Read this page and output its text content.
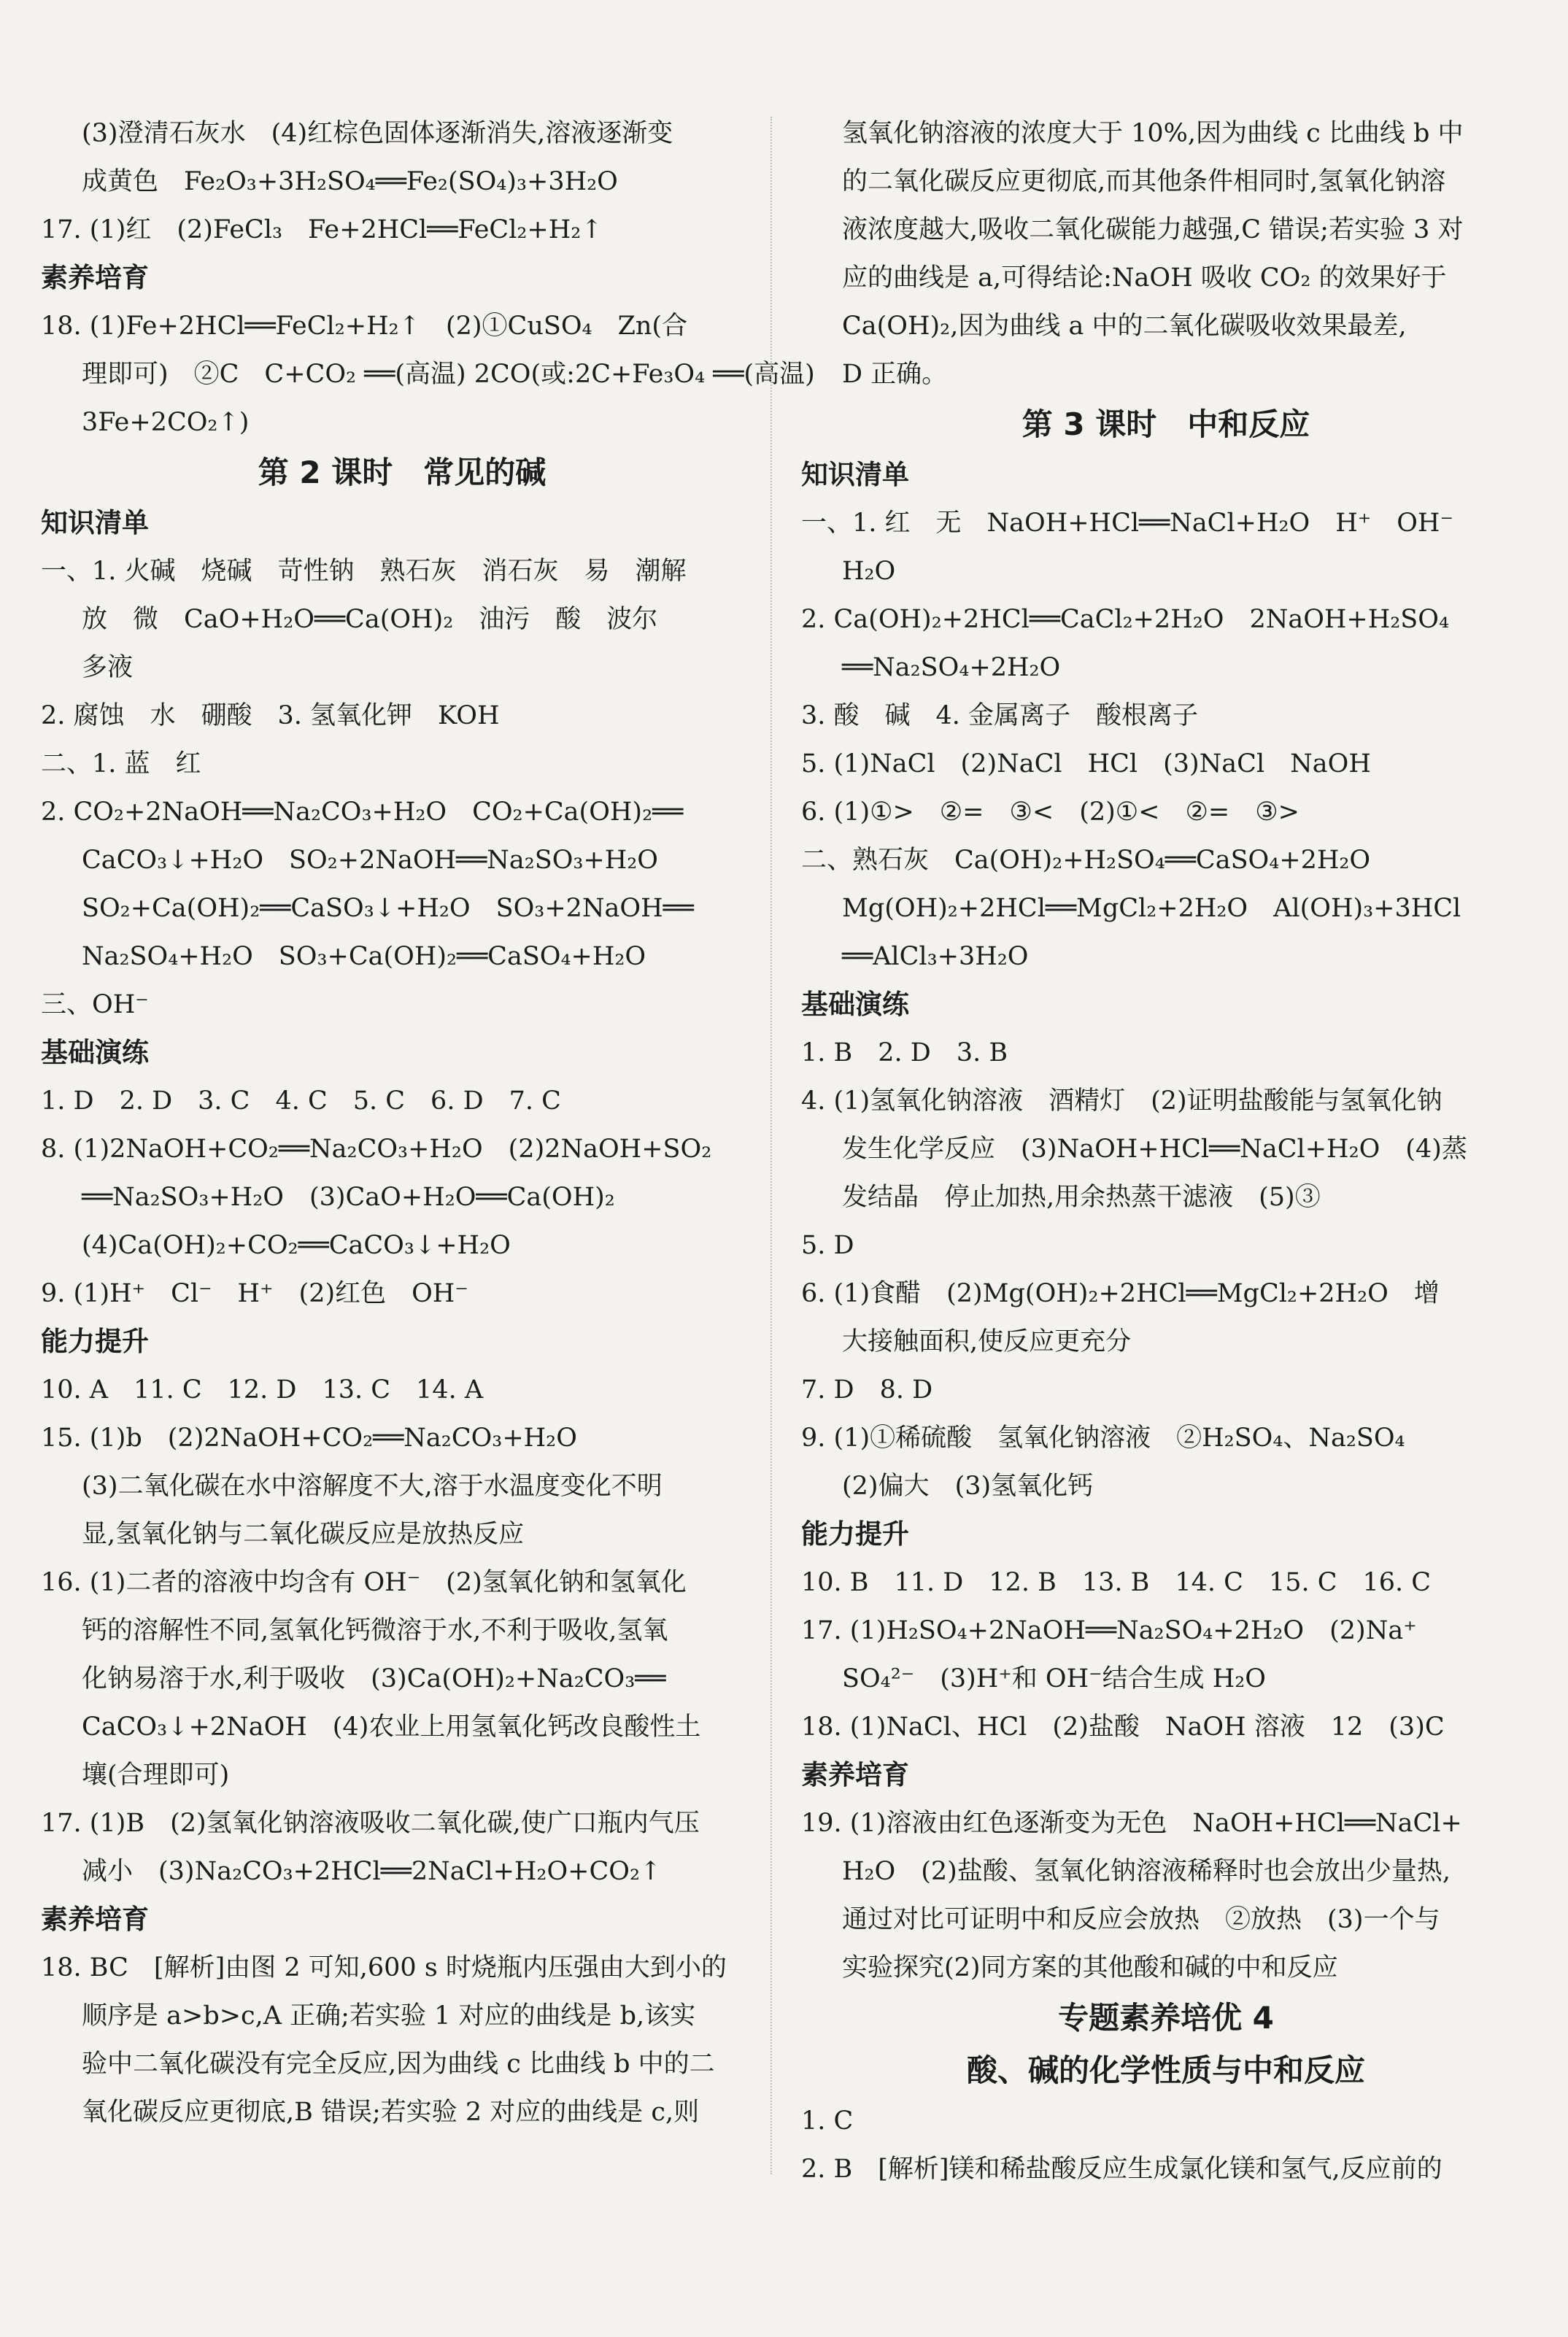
(3)澄清石灰水　(4)红棕色固体逐渐消失,溶液逐渐变
成黄色　Fe₂O₃+3H₂SO₄══Fe₂(SO₄)₃+3H₂O
17. (1)红　(2)FeCl₃　Fe+2HCl══FeCl₂+H₂↑
素养培育
18. (1)Fe+2HCl══FeCl₂+H₂↑　(2)①CuSO₄　Zn(合
理即可)　②C　C+CO₂ ══(高温) 2CO(或:2C+Fe₃O₄ ══(高温)
3Fe+2CO₂↑)
第 2 课时　常见的碱
知识清单
一、1. 火碱　烧碱　苛性钠　熟石灰　消石灰　易　潮解
放　微　CaO+H₂O══Ca(OH)₂　油污　酸　波尔
多液
2. 腐蚀　水　硼酸　3. 氢氧化钾　KOH
二、1. 蓝　红
2. CO₂+2NaOH══Na₂CO₃+H₂O　CO₂+Ca(OH)₂══
CaCO₃↓+H₂O　SO₂+2NaOH══Na₂SO₃+H₂O
SO₂+Ca(OH)₂══CaSO₃↓+H₂O　SO₃+2NaOH══
Na₂SO₄+H₂O　SO₃+Ca(OH)₂══CaSO₄+H₂O
三、OH⁻
基础演练
1. D　2. D　3. C　4. C　5. C　6. D　7. C
8. (1)2NaOH+CO₂══Na₂CO₃+H₂O　(2)2NaOH+SO₂
══Na₂SO₃+H₂O　(3)CaO+H₂O══Ca(OH)₂
(4)Ca(OH)₂+CO₂══CaCO₃↓+H₂O
9. (1)H⁺　Cl⁻　H⁺　(2)红色　OH⁻
能力提升
10. A　11. C　12. D　13. C　14. A
15. (1)b　(2)2NaOH+CO₂══Na₂CO₃+H₂O
(3)二氧化碳在水中溶解度不大,溶于水温度变化不明
显,氢氧化钠与二氧化碳反应是放热反应
16. (1)二者的溶液中均含有 OH⁻　(2)氢氧化钠和氢氧化
钙的溶解性不同,氢氧化钙微溶于水,不利于吸收,氢氧
化钠易溶于水,利于吸收　(3)Ca(OH)₂+Na₂CO₃══
CaCO₃↓+2NaOH　(4)农业上用氢氧化钙改良酸性土
壤(合理即可)
17. (1)B　(2)氢氧化钠溶液吸收二氧化碳,使广口瓶内气压
减小　(3)Na₂CO₃+2HCl══2NaCl+H₂O+CO₂↑
素养培育
18. BC　[解析]由图 2 可知,600 s 时烧瓶内压强由大到小的
顺序是 a>b>c,A 正确;若实验 1 对应的曲线是 b,该实
验中二氧化碳没有完全反应,因为曲线 c 比曲线 b 中的二
氧化碳反应更彻底,B 错误;若实验 2 对应的曲线是 c,则
氢氧化钠溶液的浓度大于 10%,因为曲线 c 比曲线 b 中
的二氧化碳反应更彻底,而其他条件相同时,氢氧化钠溶
液浓度越大,吸收二氧化碳能力越强,C 错误;若实验 3 对
应的曲线是 a,可得结论:NaOH 吸收 CO₂ 的效果好于
Ca(OH)₂,因为曲线 a 中的二氧化碳吸收效果最差,
D 正确。
第 3 课时　中和反应
知识清单
一、1. 红　无　NaOH+HCl══NaCl+H₂O　H⁺　OH⁻
H₂O
2. Ca(OH)₂+2HCl══CaCl₂+2H₂O　2NaOH+H₂SO₄
══Na₂SO₄+2H₂O
3. 酸　碱　4. 金属离子　酸根离子
5. (1)NaCl　(2)NaCl　HCl　(3)NaCl　NaOH
6. (1)①>　②=　③<　(2)①<　②=　③>
二、熟石灰　Ca(OH)₂+H₂SO₄══CaSO₄+2H₂O
Mg(OH)₂+2HCl══MgCl₂+2H₂O　Al(OH)₃+3HCl
══AlCl₃+3H₂O
基础演练
1. B　2. D　3. B
4. (1)氢氧化钠溶液　酒精灯　(2)证明盐酸能与氢氧化钠
发生化学反应　(3)NaOH+HCl══NaCl+H₂O　(4)蒸
发结晶　停止加热,用余热蒸干滤液　(5)③
5. D
6. (1)食醋　(2)Mg(OH)₂+2HCl══MgCl₂+2H₂O　增
大接触面积,使反应更充分
7. D　8. D
9. (1)①稀硫酸　氢氧化钠溶液　②H₂SO₄、Na₂SO₄
(2)偏大　(3)氢氧化钙
能力提升
10. B　11. D　12. B　13. B　14. C　15. C　16. C
17. (1)H₂SO₄+2NaOH══Na₂SO₄+2H₂O　(2)Na⁺
SO₄²⁻　(3)H⁺和 OH⁻结合生成 H₂O
18. (1)NaCl、HCl　(2)盐酸　NaOH 溶液　12　(3)C
素养培育
19. (1)溶液由红色逐渐变为无色　NaOH+HCl══NaCl+
H₂O　(2)盐酸、氢氧化钠溶液稀释时也会放出少量热,
通过对比可证明中和反应会放热　②放热　(3)一个与
实验探究(2)同方案的其他酸和碱的中和反应
专题素养培优 4
酸、碱的化学性质与中和反应
1. C
2. B　[解析]镁和稀盐酸反应生成氯化镁和氢气,反应前的
